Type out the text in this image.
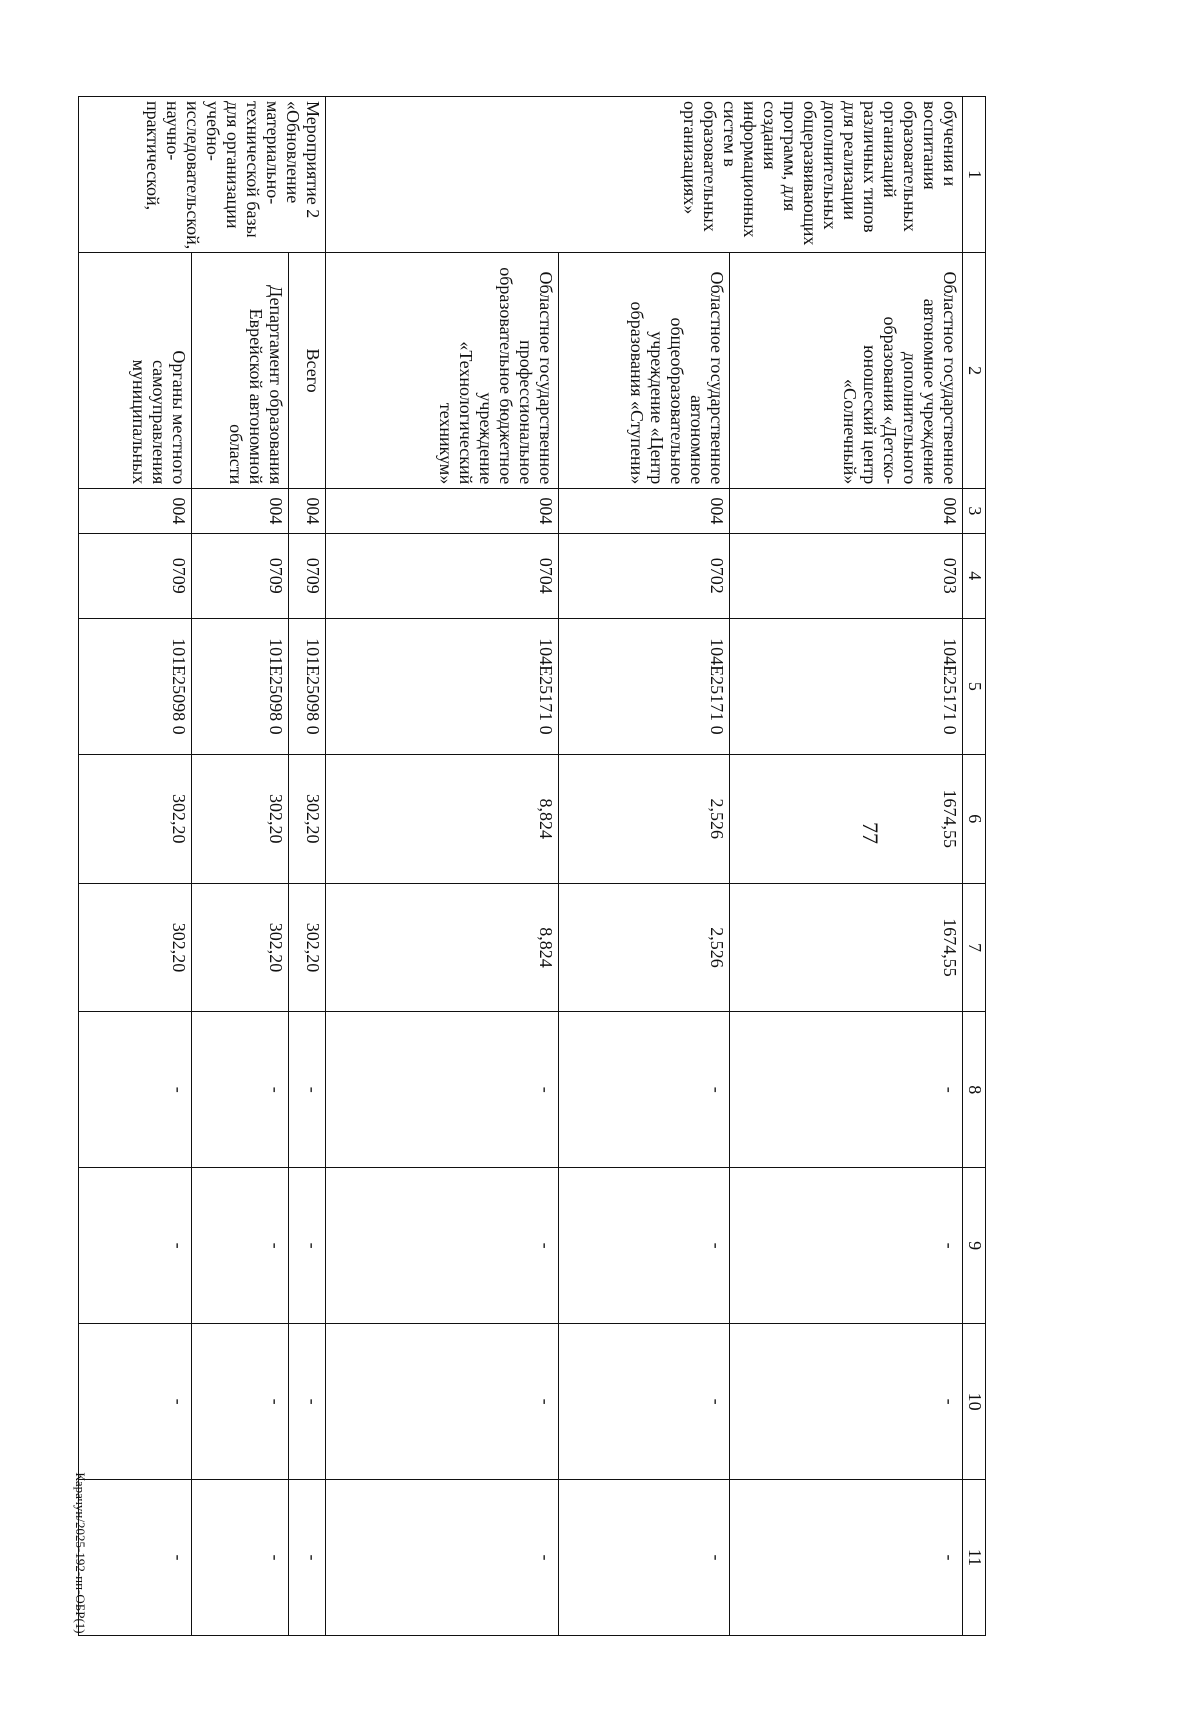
77
Карачун/2025-192-пп-ОБР(1)
1	2	3	4	5	6	7	8	9	10	11
обучения и воспитания образовательных организаций различных типов для реализации дополнительных общеразвивающих программ, для создания информационных систем в образовательных организациях»	Областное государственное автономное учреждение дополнительного образования «Детско-юношеский центр «Солнечный»	004	0703	104E25171 0	1674,55	1674,55	-	-	-	-
	Областное государственное автономное общеобразовательное учреждение «Центр образования «Ступени»	004	0702	104E25171 0	2,526	2,526	-	-	-	-
	Областное государственное профессиональное образовательное бюджетное учреждение «Технологический техникум»	004	0704	104E25171 0	8,824	8,824	-	-	-	-
Мероприятие 2 «Обновление материально-технической базы для организации учебно-исследовательской, научно-практической,	Всего	004	0709	101E25098 0	302,20	302,20	-	-	-	-
	Департамент образования Еврейской автономной области	004	0709	101E25098 0	302,20	302,20	-	-	-	-
	Органы местного самоуправления муниципальных	004	0709	101E25098 0	302,20	302,20	-	-	-	-
